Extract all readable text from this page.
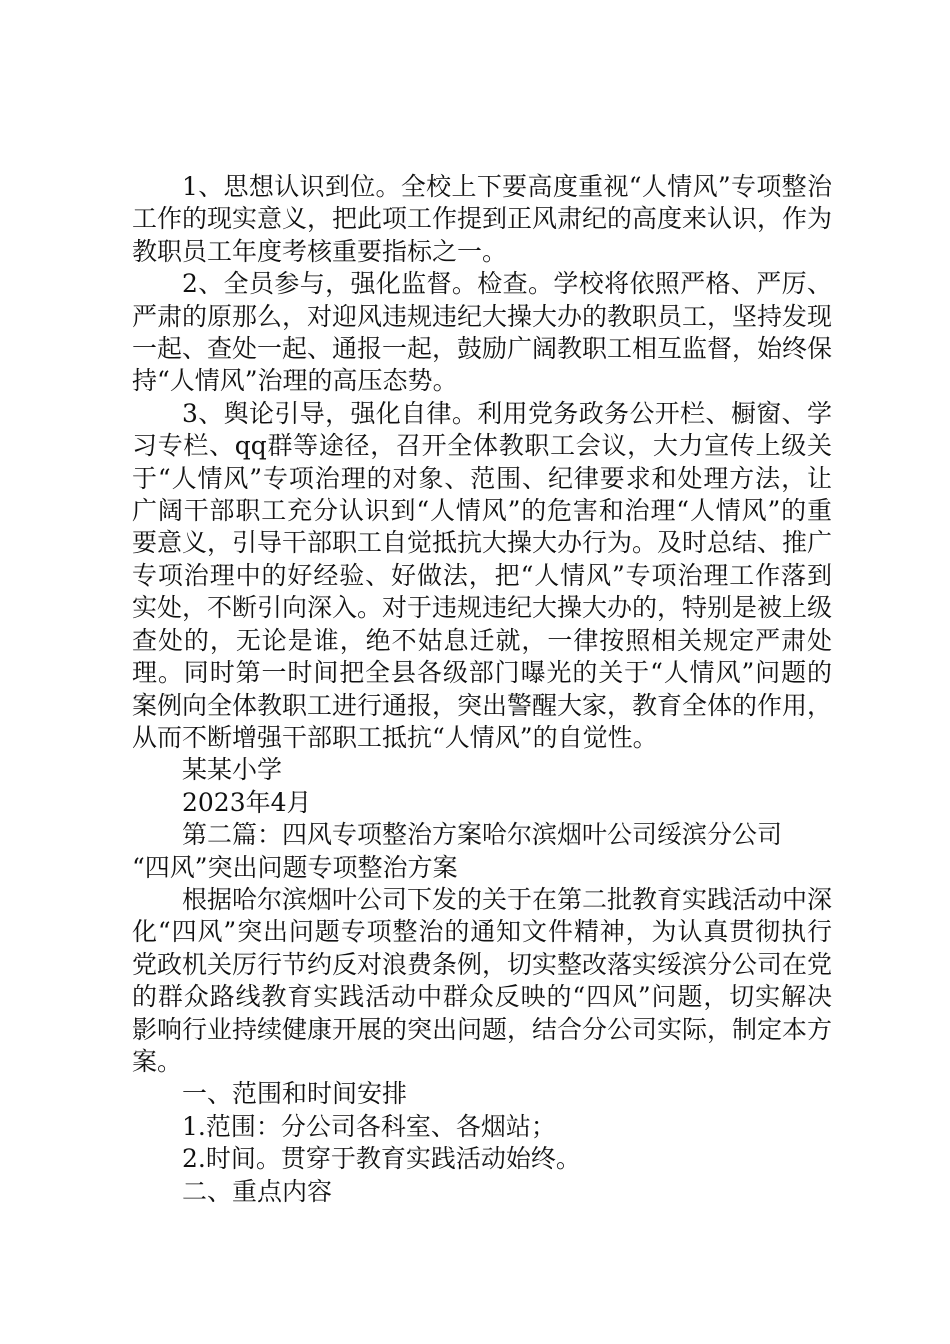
1、思想认识到位。全校上下要高度重视“人情风”专项整治工作的现实意义，把此项工作提到正风肃纪的高度来认识，作为教职员工年度考核重要指标之一。

2、全员参与，强化监督。检查。学校将依照严格、严厉、严肃的原那么，对迎风违规违纪大操大办的教职员工，坚持发现一起、查处一起、通报一起，鼓励广阔教职工相互监督，始终保持“人情风”治理的高压态势。

3、舆论引导，强化自律。利用党务政务公开栏、橱窗、学习专栏、qq群等途径，召开全体教职工会议，大力宣传上级关于“人情风”专项治理的对象、范围、纪律要求和处理方法，让广阔干部职工充分认识到“人情风”的危害和治理“人情风”的重要意义，引导干部职工自觉抵抗大操大办行为。及时总结、推广专项治理中的好经验、好做法，把“人情风”专项治理工作落到实处，不断引向深入。对于违规违纪大操大办的，特别是被上级查处的，无论是谁，绝不姑息迁就，一律按照相关规定严肃处理。同时第一时间把全县各级部门曝光的关于“人情风”问题的案例向全体教职工进行通报，突出警醒大家，教育全体的作用，从而不断增强干部职工抵抗“人情风”的自觉性。

某某小学

2023年4月

第二篇：四风专项整治方案哈尔滨烟叶公司绥滨分公司

“四风”突出问题专项整治方案

根据哈尔滨烟叶公司下发的关于在第二批教育实践活动中深化“四风”突出问题专项整治的通知文件精神，为认真贯彻执行党政机关厉行节约反对浪费条例，切实整改落实绥滨分公司在党的群众路线教育实践活动中群众反映的“四风”问题，切实解决影响行业持续健康开展的突出问题，结合分公司实际，制定本方案。

一、范围和时间安排

1.范围：分公司各科室、各烟站；

2.时间。贯穿于教育实践活动始终。

二、重点内容
